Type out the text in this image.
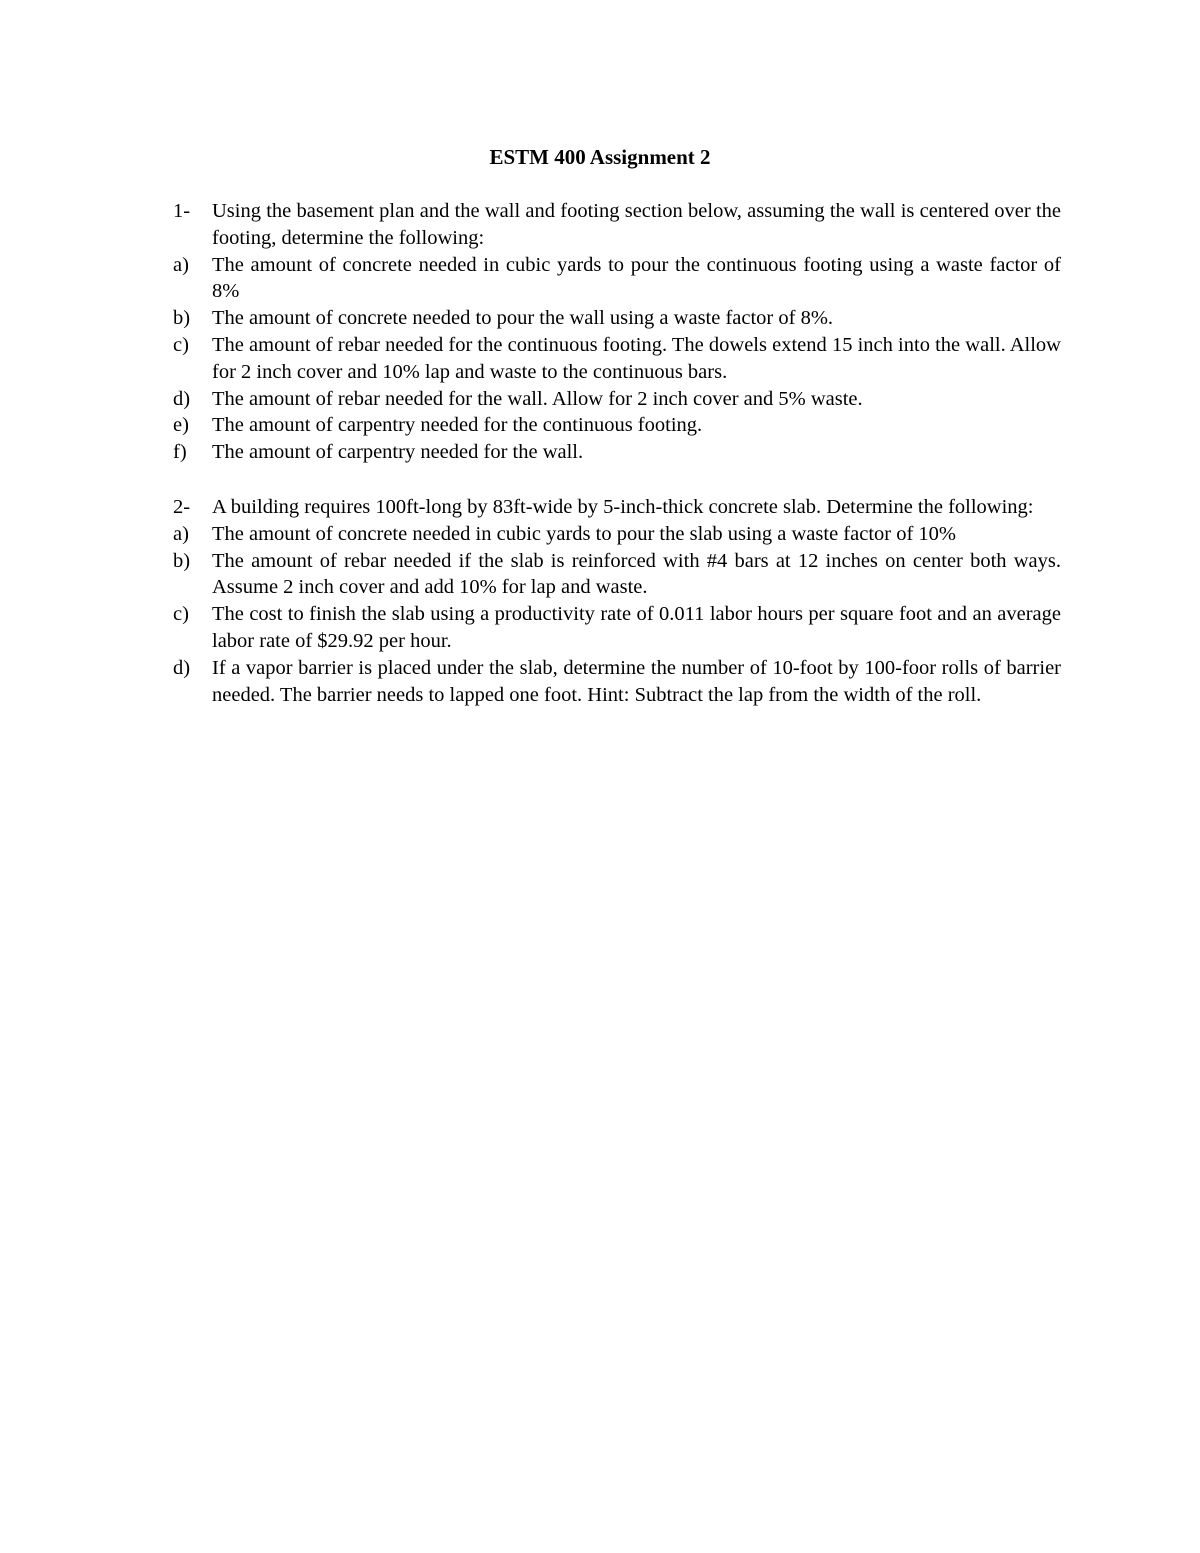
ESTM 400 Assignment 2
1-	Using the basement plan and the wall and footing section below, assuming the wall is centered over the footing, determine the following:
a)	The amount of concrete needed in cubic yards to pour the continuous footing using a waste factor of 8%
b)	The amount of concrete needed to pour the wall using a waste factor of 8%.
c)	The amount of rebar needed for the continuous footing. The dowels extend 15 inch into the wall. Allow for 2 inch cover and 10% lap and waste to the continuous bars.
d)	The amount of rebar needed for the wall. Allow for 2 inch cover and 5% waste.
e)	The amount of carpentry needed for the continuous footing.
f)	The amount of carpentry needed for the wall.
2-	A building requires 100ft-long by 83ft-wide by 5-inch-thick concrete slab. Determine the following:
a)	The amount of concrete needed in cubic yards to pour the slab using a waste factor of 10%
b)	The amount of rebar needed if the slab is reinforced with #4 bars at 12 inches on center both ways. Assume 2 inch cover and add 10% for lap and waste.
c)	The cost to finish the slab using a productivity rate of 0.011 labor hours per square foot and an average labor rate of $29.92 per hour.
d)	If a vapor barrier is placed under the slab, determine the number of 10-foot by 100-foor rolls of barrier needed. The barrier needs to lapped one foot. Hint: Subtract the lap from the width of the roll.
